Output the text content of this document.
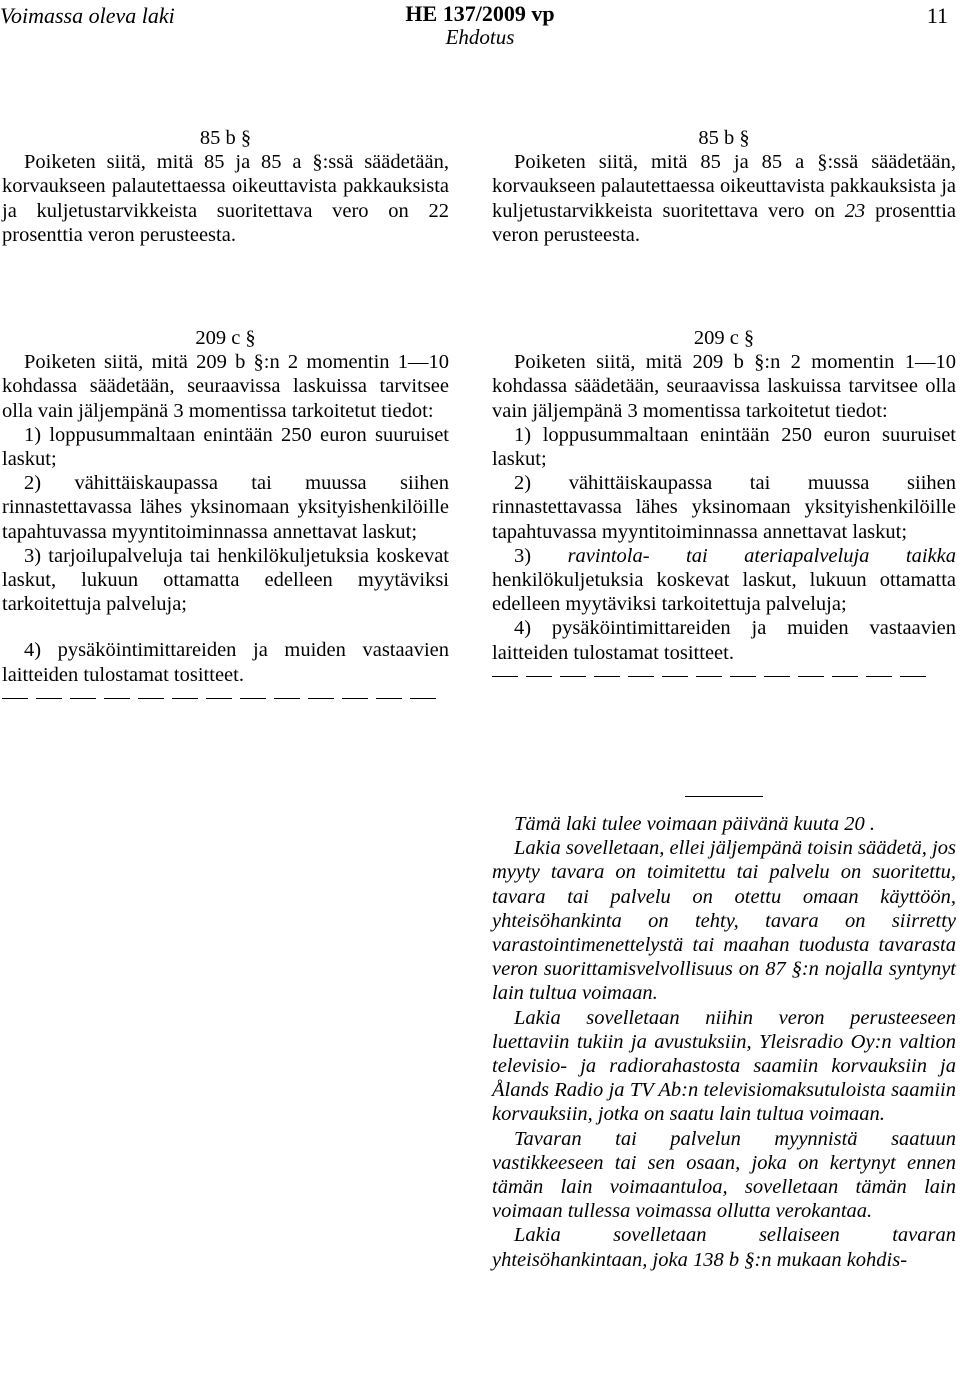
Voimassa oleva laki	HE 137/2009 vp
Ehdotus
11
85 b §
Poiketen siitä, mitä 85 ja 85 a §:ssä säädetään, korvaukseen palautettaessa oikeuttavista pakkauksista ja kuljetustarvikkeista suoritettava vero on 22 prosenttia veron perusteesta.
209 c §
Poiketen siitä, mitä 209 b §:n 2 momentin 1—10 kohdassa säädetään, seuraavissa laskuissa tarvitsee olla vain jäljempänä 3 momentissa tarkoitetut tiedot:
1) loppusummaltaan enintään 250 euron suuruiset laskut;
2) vähittäiskaupassa tai muussa siihen rinnastettavassa lähes yksinomaan yksityishenkilöille tapahtuvassa myyntitoiminnassa annettavat laskut;
3) tarjoilupalveluja tai henkilökuljetuksia koskevat laskut, lukuun ottamatta edelleen myytäviksi tarkoitettuja palveluja;
4) pysäköintimittareiden ja muiden vastaavien laitteiden tulostamat tositteet.
85 b §
Poiketen siitä, mitä 85 ja 85 a §:ssä säädetään, korvaukseen palautettaessa oikeuttavista pakkauksista ja kuljetustarvikkeista suoritettava vero on 23 prosenttia veron perusteesta.
209 c §
Poiketen siitä, mitä 209 b §:n 2 momentin 1—10 kohdassa säädetään, seuraavissa laskuissa tarvitsee olla vain jäljempänä 3 momentissa tarkoitetut tiedot:
1) loppusummaltaan enintään 250 euron suuruiset laskut;
2) vähittäiskaupassa tai muussa siihen rinnastettavassa lähes yksinomaan yksityishenkilöille tapahtuvassa myyntitoiminnassa annettavat laskut;
3) ravintola- tai ateriapalveluja taikka henkilökuljetuksia koskevat laskut, lukuun ottamatta edelleen myytäviksi tarkoitettuja palveluja;
4) pysäköintimittareiden ja muiden vastaavien laitteiden tulostamat tositteet.
Tämä laki tulee voimaan päivänä kuuta 20 .
Lakia sovelletaan, ellei jäljempänä toisin säädetä, jos myyty tavara on toimitettu tai palvelu on suoritettu, tavara tai palvelu on otettu omaan käyttöön, yhteisöhankinta on tehty, tavara on siirretty varastointimenettelystä tai maahan tuodusta tavarasta veron suorittamisvelvollisuus on 87 §:n nojalla syntynyt lain tultua voimaan.
Lakia sovelletaan niihin veron perusteeseen luettaviin tukiin ja avustuksiin, Yleisradio Oy:n valtion televisio- ja radiorahastosta saamiin korvauksiin ja Ålands Radio ja TV Ab:n televisiomaksutuloista saamiin korvauksiin, jotka on saatu lain tultua voimaan.
Tavaran tai palvelun myynnistä saatuun vastikkeeseen tai sen osaan, joka on kertynyt ennen tämän lain voimaantuloa, sovelletaan tämän lain voimaan tullessa voimassa ollutta verokantaa.
Lakia sovelletaan sellaiseen tavaran yhteisöhankintaan, joka 138 b §:n mukaan kohdis-
